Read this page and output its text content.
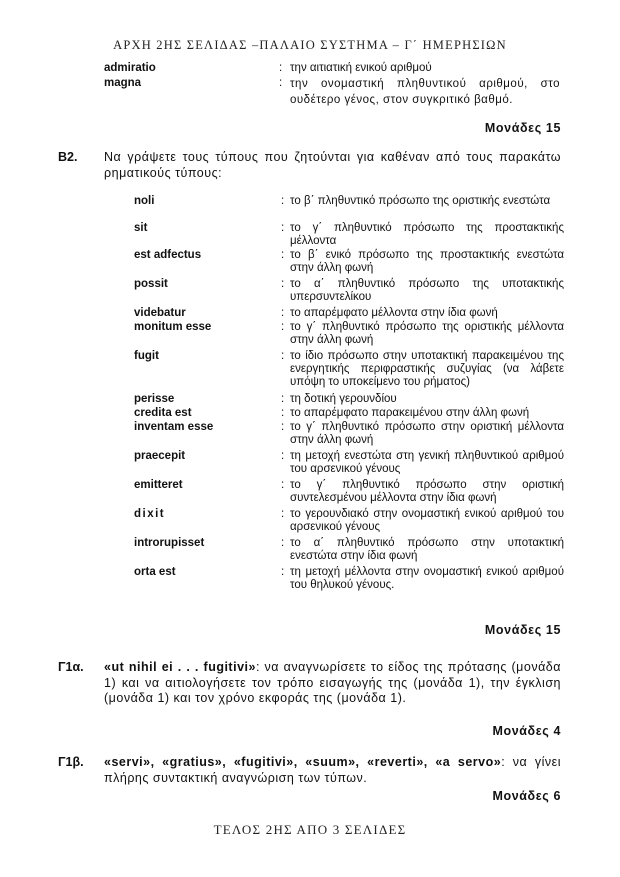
ΑΡΧΗ 2ΗΣ ΣΕΛΙΔΑΣ –ΠΑΛΑΙΟ ΣΥΣΤΗΜΑ – Γ΄ ΗΜΕΡΗΣΙΩΝ
admiratio	: την αιτιατική ενικού αριθμού
magna	: την ονομαστική πληθυντικού αριθμού, στο ουδέτερο γένος, στον συγκριτικό βαθμό.
Μονάδες 15
Β2. Να γράψετε τους τύπους που ζητούνται για καθέναν από τους παρακάτω ρηματικούς τύπους:
noli	: το β΄ πληθυντικό πρόσωπο της οριστικής ενεστώτα
sit	: το γ΄ πληθυντικό πρόσωπο της προστακτικής μέλλοντα
est adfectus	: το β΄ ενικό πρόσωπο της προστακτικής ενεστώτα στην άλλη φωνή
possit	: το α΄ πληθυντικό πρόσωπο της υποτακτικής υπερσυντελίκου
videbatur	: το απαρέμφατο μέλλοντα στην ίδια φωνή
monitum esse	: το γ΄ πληθυντικό πρόσωπο της οριστικής μέλλοντα στην άλλη φωνή
fugit	: το ίδιο πρόσωπο στην υποτακτική παρακειμένου της ενεργητικής περιφραστικής συζυγίας (να λάβετε υπόψη το υποκείμενο του ρήματος)
perisse	: τη δοτική γερουνδίου
credita est	: το απαρέμφατο παρακειμένου στην άλλη φωνή
inventam esse	: το γ΄ πληθυντικό πρόσωπο στην οριστική μέλλοντα στην άλλη φωνή
praecepit	: τη μετοχή ενεστώτα στη γενική πληθυντικού αριθμού του αρσενικού γένους
emitteret	: το γ΄ πληθυντικό πρόσωπο στην οριστική συντελεσμένου μέλλοντα στην ίδια φωνή
dixit	: το γερουνδιακό στην ονομαστική ενικού αριθμού του αρσενικού γένους
introrupisset	: το α΄ πληθυντικό πρόσωπο στην υποτακτική ενεστώτα στην ίδια φωνή
orta est	: τη μετοχή μέλλοντα στην ονομαστική ενικού αριθμού του θηλυκού γένους.
Μονάδες 15
Γ1α. «ut nihil ei . . . fugitivi»: να αναγνωρίσετε το είδος της πρότασης (μονάδα 1) και να αιτιολογήσετε τον τρόπο εισαγωγής της (μονάδα 1), την έγκλιση (μονάδα 1) και τον χρόνο εκφοράς της (μονάδα 1).
Μονάδες 4
Γ1β. «servi», «gratius», «fugitivi», «suum», «reverti», «a servo»: να γίνει πλήρης συντακτική αναγνώριση των τύπων.
Μονάδες 6
ΤΕΛΟΣ 2ΗΣ ΑΠΟ 3 ΣΕΛΙΔΕΣ
